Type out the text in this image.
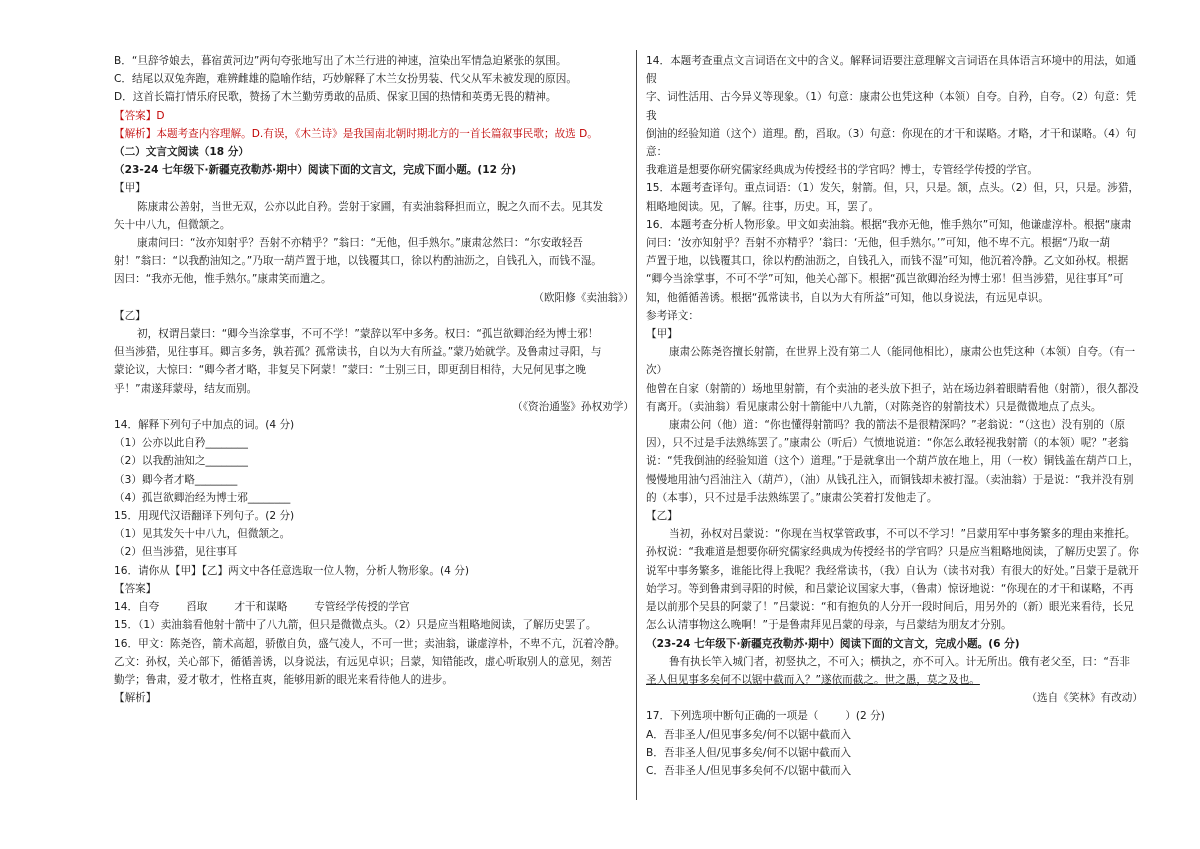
B．“旦辞爷娘去，暮宿黄河边”两句夸张地写出了木兰行进的神速，渲染出军情急迫紧张的氛围。
C．结尾以双兔奔跑，难辨雌雄的隐喻作结，巧妙解释了木兰女扮男装、代父从军未被发现的原因。
D．这首长篇打情乐府民歌，赞扬了木兰勤劳勇敢的品质、保家卫国的热情和英勇无畏的精神。
【答案】D
【解析】本题考查内容理解。D.有误，《木兰诗》是我国南北朝时期北方的一首长篇叙事民歌；故选 D。
（二）文言文阅读（18 分）
（23-24 七年级下·新疆克孜勒苏·期中）阅读下面的文言文，完成下面小题。(12 分)
【甲】
陈康肃公善射，当世无双，公亦以此自矜。尝射于家圃，有卖油翁释担而立，睨之久而不去。见其发
矢十中八九，但微颔之。
康肃问曰：“汝亦知射乎？吾射不亦精乎？”翁曰：“无他，但手熟尔。”康肃忿然曰：“尔安敢轻吾
射！”翁曰：“以我酌油知之。”乃取一葫芦置于地，以钱覆其口，徐以杓酌油沥之，自钱孔入，而钱不湿。
因曰：“我亦无他，惟手熟尔。”康肃笑而遣之。
（欧阳修《卖油翁》）
【乙】
初，权谓吕蒙曰：“卿今当涂掌事，不可不学！”蒙辞以军中多务。权曰：“孤岂欲卿治经为博士邪！
但当涉猎，见往事耳。卿言多务，孰若孤？孤常读书，自以为大有所益。”蒙乃始就学。及鲁肃过寻阳，与
蒙论议，大惊曰：“卿今者才略，非复吴下阿蒙！”蒙曰：“士别三日，即更刮目相待，大兄何见事之晚
乎！”肃遂拜蒙母，结友而别。
（《资治通鉴》孙权劝学）
14．解释下列句子中加点的词。(4 分)
（1）公亦以此自矜________
（2）以我酌油知之________
（3）卿今者才略________
（4）孤岂欲卿治经为博士邪________
15．用现代汉语翻译下列句子。(2 分)
（1）见其发矢十中八九，但微颔之。
（2）但当涉猎，见往事耳
16．请你从【甲】【乙】两文中各任意选取一位人物，分析人物形象。(4 分)
【答案】
14．自夸        舀取        才干和谋略        专管经学传授的学官
15．（1）卖油翁看他射十箭中了八九箭，但只是微微点头。（2）只是应当粗略地阅读，了解历史罢了。
16．甲文：陈尧咨，箭术高超，骄傲自负，盛气凌人，不可一世；卖油翁，谦虚淳朴，不卑不亢，沉着冷静。
乙文：孙权，关心部下，循循善诱，以身说法，有远见卓识；吕蒙，知错能改，虚心听取别人的意见，刻苦
勤学；鲁肃，爱才敬才，性格直爽，能够用新的眼光来看待他人的进步。
【解析】
14．本题考查重点文言词语在文中的含义。解释词语要注意理解文言词语在具体语言环境中的用法，如通假
字、词性活用、古今异义等现象。（1）句意：康肃公也凭这种（本领）自夸。自矜，自夸。（2）句意：凭我
倒油的经验知道（这个）道理。酌，舀取。（3）句意：你现在的才干和谋略。才略，才干和谋略。（4）句意：
我难道是想要你研究儒家经典成为传授经书的学官吗？博士，专管经学传授的学官。
15．本题考查译句。重点词语：（1）发矢，射箭。但，只，只是。颔，点头。（2）但，只，只是。涉猎，
粗略地阅读。见，了解。往事，历史。耳，罢了。
16．本题考查分析人物形象。甲文如卖油翁。根据“我亦无他，惟手熟尔”可知，他谦虚淳朴。根据“康肃
问曰：‘汝亦知射乎？吾射不亦精乎？’翁曰：‘无他，但手熟尔。’”可知，他不卑不亢。根据“乃取一葫
芦置于地，以钱覆其口，徐以杓酌油沥之，自钱孔入，而钱不湿”可知，他沉着冷静。乙文如孙权。根据
“卿今当涂掌事，不可不学”可知，他关心部下。根据“孤岂欲卿治经为博士邪！但当涉猎，见往事耳”可
知，他循循善诱。根据“孤常读书，自以为大有所益”可知，他以身说法，有远见卓识。
参考译文：
【甲】
康肃公陈尧咨擅长射箭，在世界上没有第二人（能同他相比），康肃公也凭这种（本领）自夸。（有一次）
他曾在自家（射箭的）场地里射箭，有个卖油的老头放下担子，站在场边斜着眼睛看他（射箭），很久都没
有离开。（卖油翁）看见康肃公射十箭能中八九箭，（对陈尧咨的射箭技术）只是微微地点了点头。
康肃公问（他）道：“你也懂得射箭吗？我的箭法不是很精深吗？”老翁说：“（这也）没有别的（原
因），只不过是手法熟练罢了。”康肃公（听后）气愤地说道：“你怎么敢轻视我射箭（的本领）呢？”老翁
说：“凭我倒油的经验知道（这个）道理。”于是就拿出一个葫芦放在地上，用（一枚）铜钱盖在葫芦口上，
慢慢地用油勺舀油注入（葫芦），（油）从钱孔注入，而铜钱却未被打湿。（卖油翁）于是说：“我并没有别
的（本事），只不过是手法熟练罢了。”康肃公笑着打发他走了。
【乙】
当初，孙权对吕蒙说：“你现在当权掌管政事，不可以不学习！”吕蒙用军中事务繁多的理由来推托。
孙权说：“我难道是想要你研究儒家经典成为传授经书的学官吗？只是应当粗略地阅读，了解历史罢了。你
说军中事务繁多，谁能比得上我呢？我经常读书，（我）自认为（读书对我）有很大的好处。”吕蒙于是就开
始学习。等到鲁肃到寻阳的时候，和吕蒙论议国家大事，（鲁肃）惊讶地说：“你现在的才干和谋略，不再
是以前那个吴县的阿蒙了！”吕蒙说：“和有抱负的人分开一段时间后，用另外的（新）眼光来看待，长兄
怎么认清事物这么晚啊！”于是鲁肃拜见吕蒙的母亲，与吕蒙结为朋友才分别。
（23-24 七年级下·新疆克孜勒苏·期中）阅读下面的文言文，完成小题。(6 分)
鲁有执长竿入城门者，初竖执之，不可入；横执之，亦不可入。计无所出。俄有老父至，曰：“吾非
圣人但见事多矣何不以锯中截而入？”遂依而截之。世之愚，莫之及也。
（选自《笑林》有改动）
17．下列选项中断句正确的一项是（        ）(2 分)
A．吾非圣人/但见事多矣/何不以锯中截而入
B．吾非圣人但/见事多矣/何不以锯中截而入
C．吾非圣人/但见事多矣何不/以锯中截而入
